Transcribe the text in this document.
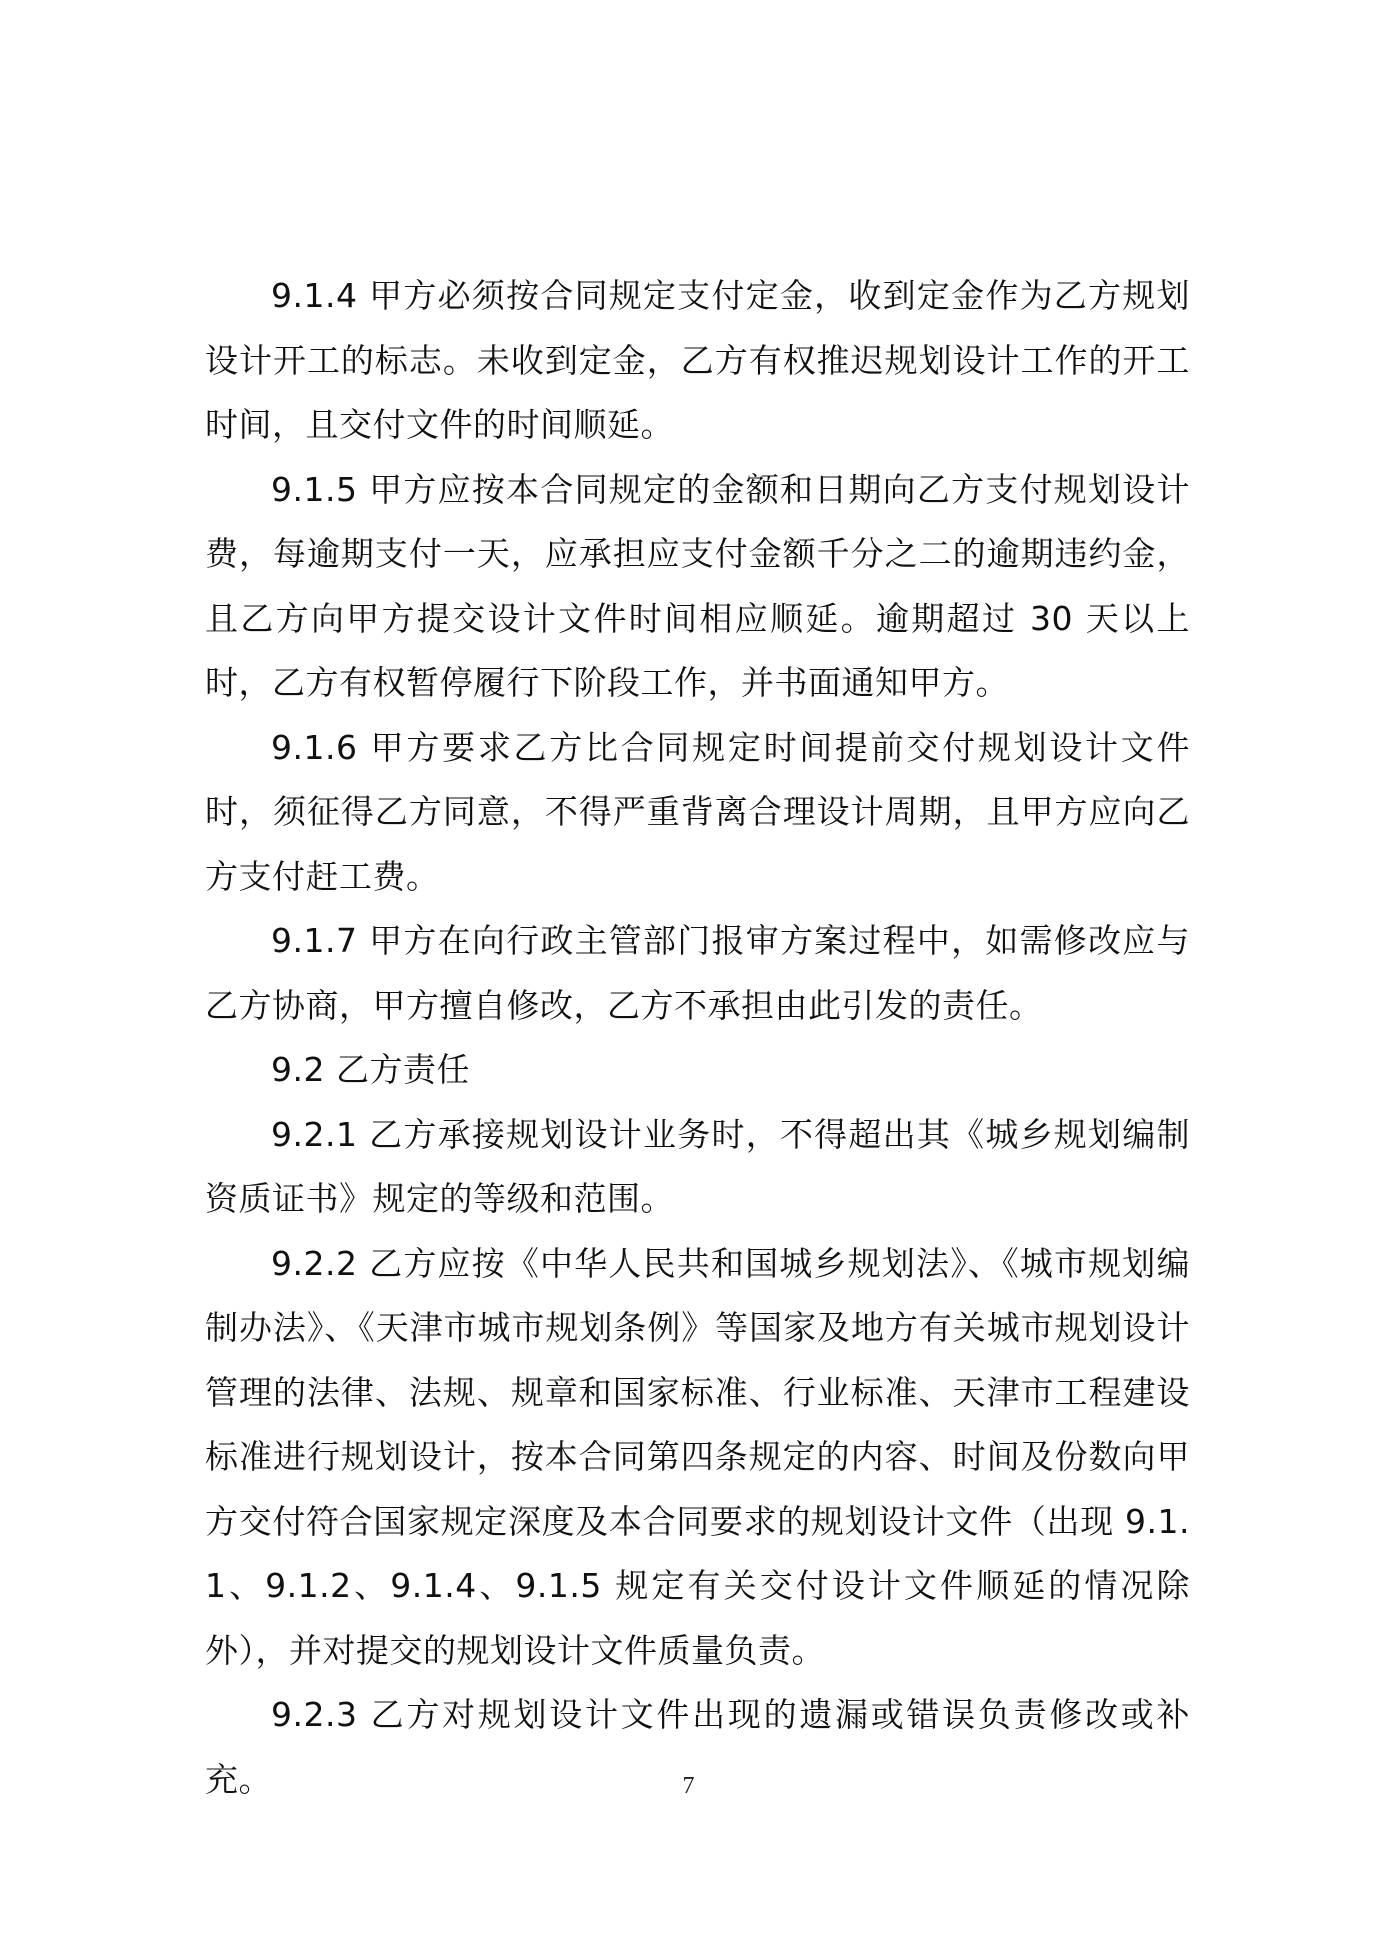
9.1.4 甲方必须按合同规定支付定金，收到定金作为乙方规划设计开工的标志。未收到定金，乙方有权推迟规划设计工作的开工时间，且交付文件的时间顺延。

9.1.5 甲方应按本合同规定的金额和日期向乙方支付规划设计费，每逾期支付一天，应承担应支付金额千分之二的逾期违约金，且乙方向甲方提交设计文件时间相应顺延。逾期超过 30 天以上时，乙方有权暂停履行下阶段工作，并书面通知甲方。

9.1.6 甲方要求乙方比合同规定时间提前交付规划设计文件时，须征得乙方同意，不得严重背离合理设计周期，且甲方应向乙方支付赶工费。

9.1.7 甲方在向行政主管部门报审方案过程中，如需修改应与乙方协商，甲方擅自修改，乙方不承担由此引发的责任。

9.2 乙方责任

9.2.1 乙方承接规划设计业务时，不得超出其《城乡规划编制资质证书》规定的等级和范围。

9.2.2 乙方应按《中华人民共和国城乡规划法》、《城市规划编制办法》、《天津市城市规划条例》等国家及地方有关城市规划设计管理的法律、法规、规章和国家标准、行业标准、天津市工程建设标准进行规划设计，按本合同第四条规定的内容、时间及份数向甲方交付符合国家规定深度及本合同要求的规划设计文件（出现 9.1.1、9.1.2、9.1.4、9.1.5 规定有关交付设计文件顺延的情况除外），并对提交的规划设计文件质量负责。

9.2.3 乙方对规划设计文件出现的遗漏或错误负责修改或补充。	7
